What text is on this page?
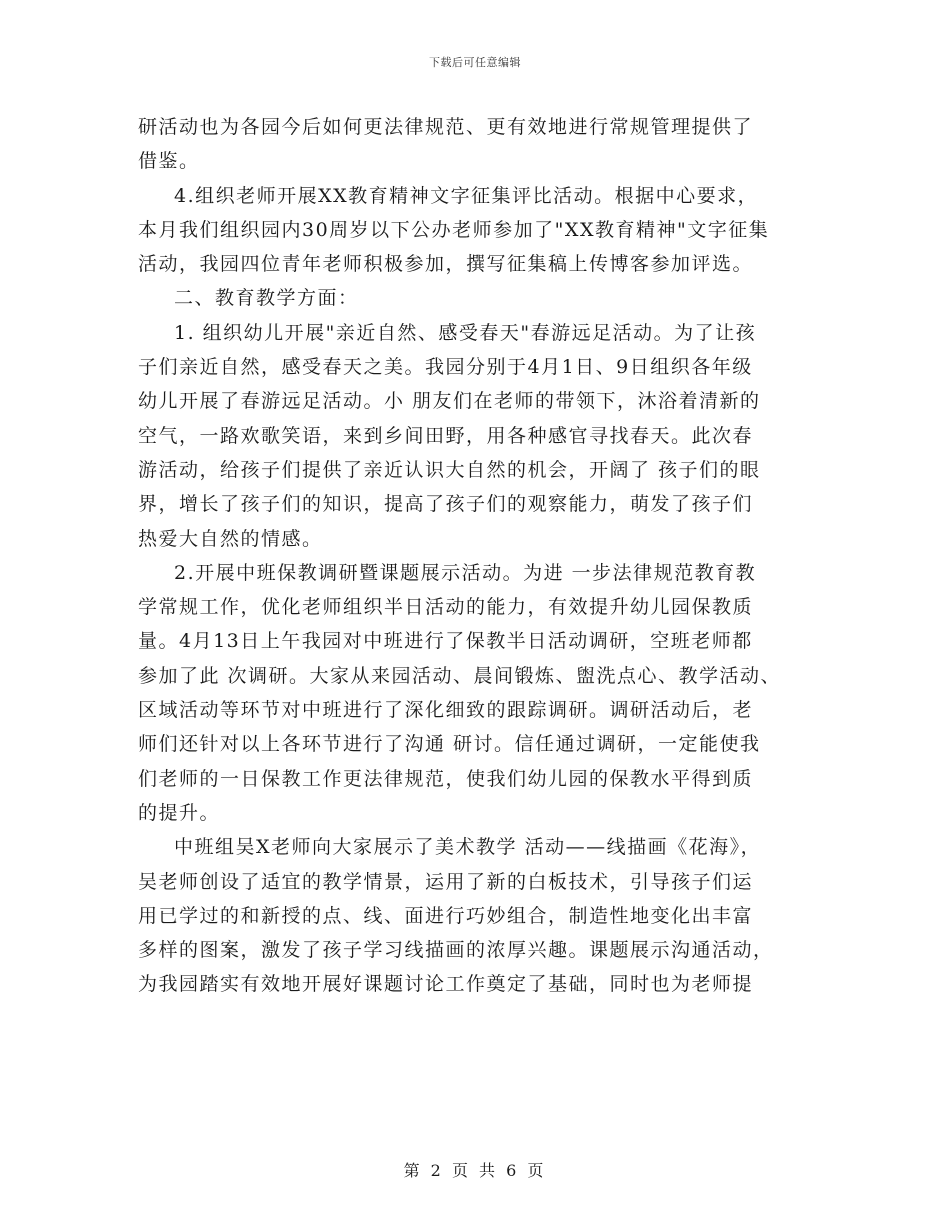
下载后可任意编辑
研活动也为各园今后如何更法律规范、更有效地进行常规管理提供了
借鉴。
4.组织老师开展XX教育精神文字征集评比活动。根据中心要求，
本月我们组织园内30周岁以下公办老师参加了"XX教育精神"文字征集
活动，我园四位青年老师积极参加，撰写征集稿上传博客参加评选。
二、教育教学方面：
1. 组织幼儿开展"亲近自然、感受春天"春游远足活动。为了让孩
子们亲近自然，感受春天之美。我园分别于4月1日、9日组织各年级
幼儿开展了春游远足活动。小 朋友们在老师的带领下，沐浴着清新的
空气，一路欢歌笑语，来到乡间田野，用各种感官寻找春天。此次春
游活动，给孩子们提供了亲近认识大自然的机会，开阔了 孩子们的眼
界，增长了孩子们的知识，提高了孩子们的观察能力，萌发了孩子们
热爱大自然的情感。
2.开展中班保教调研暨课题展示活动。为进 一步法律规范教育教
学常规工作，优化老师组织半日活动的能力，有效提升幼儿园保教质
量。4月13日上午我园对中班进行了保教半日活动调研，空班老师都
参加了此 次调研。大家从来园活动、晨间锻炼、盥洗点心、教学活动、
区域活动等环节对中班进行了深化细致的跟踪调研。调研活动后，老
师们还针对以上各环节进行了沟通 研讨。信任通过调研，一定能使我
们老师的一日保教工作更法律规范，使我们幼儿园的保教水平得到质
的提升。
中班组吴X老师向大家展示了美术教学 活动——线描画《花海》，
吴老师创设了适宜的教学情景，运用了新的白板技术，引导孩子们运
用已学过的和新授的点、线、面进行巧妙组合，制造性地变化出丰富
多样的图案，激发了孩子学习线描画的浓厚兴趣。课题展示沟通活动，
为我园踏实有效地开展好课题讨论工作奠定了基础，同时也为老师提
第 2 页 共 6 页
